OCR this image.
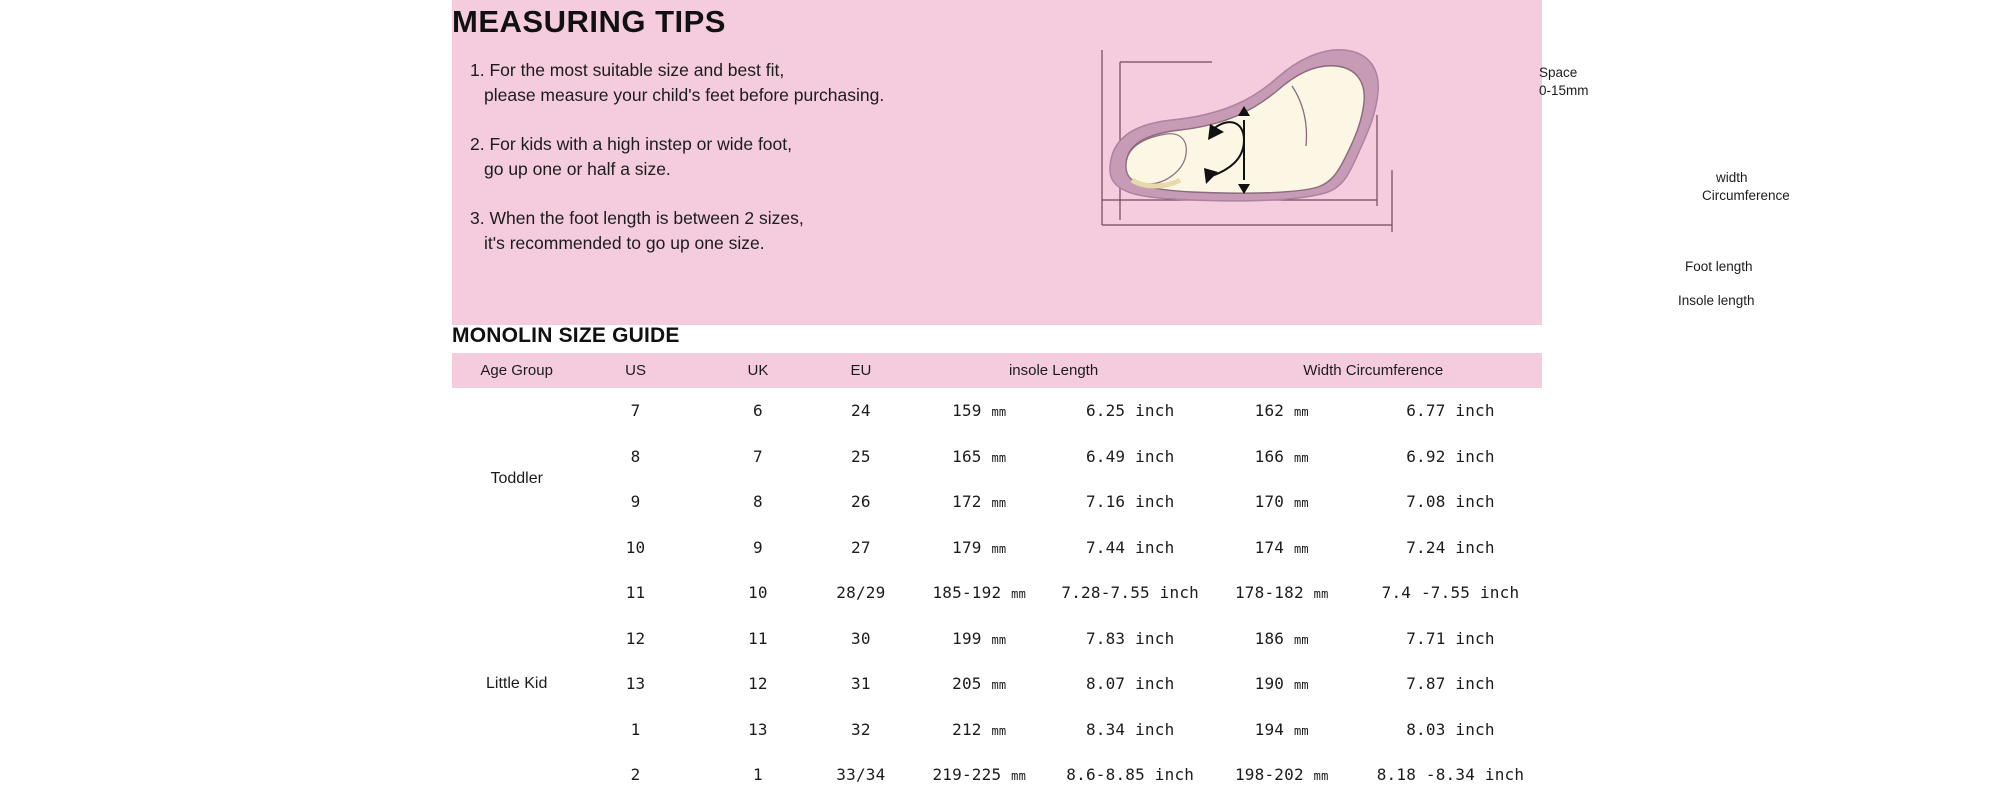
MEASURING TIPS
1. For the most suitable size and best fit,
please measure your child's feet before purchasing.
2. For kids with a high instep or wide foot,
go up one or half a size.
3. When the foot length is between 2 sizes,
it's recommended to go up one size.
Space
0-15mm
width
Circumference
Foot length
Insole length
MONOLIN SIZE GUIDE
Age Group	US	UK	EU	insole Length		Width Circumference	
Toddler	7	6	24	159 mm	6.25 inch	162 mm	6.77 inch
	8	7	25	165 mm	6.49 inch	166 mm	6.92 inch
	9	8	26	172 mm	7.16 inch	170 mm	7.08 inch
	10	9	27	179 mm	7.44 inch	174 mm	7.24 inch
Little Kid	11	10	28/29	185-192 mm	7.28-7.55 inch	178-182 mm	7.4 -7.55 inch
	12	11	30	199 mm	7.83 inch	186 mm	7.71 inch
	13	12	31	205 mm	8.07 inch	190 mm	7.87 inch
	1	13	32	212 mm	8.34 inch	194 mm	8.03 inch
	2	1	33/34	219-225 mm	8.6-8.85 inch	198-202 mm	8.18 -8.34 inch
